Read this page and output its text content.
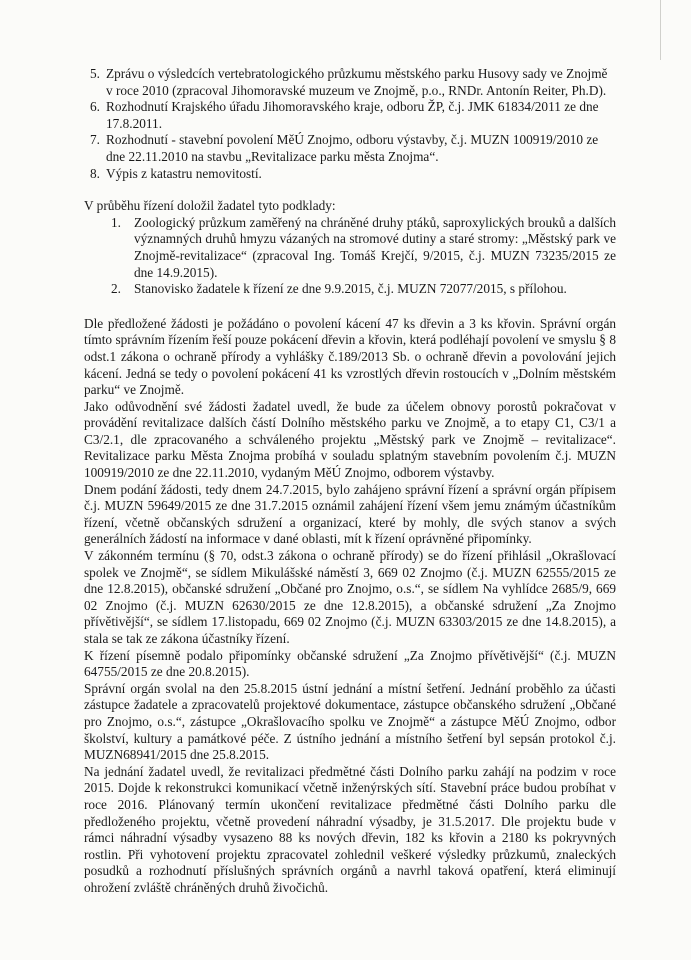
5. Zprávu o výsledcích vertebratologického průzkumu městského parku Husovy sady ve Znojmě v roce 2010 (zpracoval Jihomoravské muzeum ve Znojmě, p.o., RNDr. Antonín Reiter, Ph.D).
6. Rozhodnutí Krajského úřadu Jihomoravského kraje, odboru ŽP, č.j. JMK 61834/2011 ze dne 17.8.2011.
7. Rozhodnutí - stavební povolení MěÚ Znojmo, odboru výstavby, č.j. MUZN 100919/2010 ze dne 22.11.2010 na stavbu „Revitalizace parku města Znojma“.
8. Výpis z katastru nemovitostí.

V průběhu řízení doložil žadatel tyto podklady:

1. Zoologický průzkum zaměřený na chráněné druhy ptáků, saproxylických brouků a dalších významných druhů hmyzu vázaných na stromové dutiny a staré stromy: „Městský park ve Znojmě-revitalizace“ (zpracoval Ing. Tomáš Krejčí, 9/2015, č.j. MUZN 73235/2015 ze dne 14.9.2015).
2. Stanovisko žadatele k řízení ze dne 9.9.2015, č.j. MUZN 72077/2015, s přílohou.

Dle předložené žádosti je požádáno o povolení kácení 47 ks dřevin a 3 ks křovin. Správní orgán tímto správním řízením řeší pouze pokácení dřevin a křovin, která podléhají povolení ve smyslu § 8 odst.1 zákona o ochraně přírody a vyhlášky č.189/2013 Sb. o ochraně dřevin a povolování jejich kácení. Jedná se tedy o povolení pokácení 41 ks vzrostlých dřevin rostoucích v „Dolním městském parku“ ve Znojmě.

Jako odůvodnění své žádosti žadatel uvedl, že bude za účelem obnovy porostů pokračovat v provádění revitalizace dalších částí Dolního městského parku ve Znojmě, a to etapy C1, C3/1 a C3/2.1, dle zpracovaného a schváleného projektu „Městský park ve Znojmě – revitalizace“. Revitalizace parku Města Znojma probíhá v souladu splatným stavebním povolením č.j. MUZN 100919/2010 ze dne 22.11.2010, vydaným MěÚ Znojmo, odborem výstavby.

Dnem podání žádosti, tedy dnem 24.7.2015, bylo zahájeno správní řízení a správní orgán přípisem č.j. MUZN 59649/2015 ze dne 31.7.2015 oznámil zahájení řízení všem jemu známým účastníkům řízení, včetně občanských sdružení a organizací, které by mohly, dle svých stanov a svých generálních žádostí na informace v dané oblasti, mít k řízení oprávněné připomínky.

V zákonném termínu (§ 70, odst.3 zákona o ochraně přírody) se do řízení přihlásil „Okrašlovací spolek ve Znojmě“, se sídlem Mikulášské náměstí 3, 669 02 Znojmo (č.j. MUZN 62555/2015 ze dne 12.8.2015), občanské sdružení „Občané pro Znojmo, o.s.“, se sídlem Na vyhlídce 2685/9, 669 02 Znojmo (č.j. MUZN 62630/2015 ze dne 12.8.2015), a občanské sdružení „Za Znojmo přívětivější“, se sídlem 17.listopadu, 669 02 Znojmo (č.j. MUZN 63303/2015 ze dne 14.8.2015), a stala se tak ze zákona účastníky řízení.

K řízení písemně podalo připomínky občanské sdružení „Za Znojmo přívětivější“ (č.j. MUZN 64755/2015 ze dne 20.8.2015).

Správní orgán svolal na den 25.8.2015 ústní jednání a místní šetření. Jednání proběhlo za účasti zástupce žadatele a zpracovatelů projektové dokumentace, zástupce občanského sdružení „Občané pro Znojmo, o.s.“, zástupce „Okrašlovacího spolku ve Znojmě“ a zástupce MěÚ Znojmo, odbor školství, kultury a památkové péče. Z ústního jednání a místního šetření byl sepsán protokol č.j. MUZN68941/2015 dne 25.8.2015.

Na jednání žadatel uvedl, že revitalizaci předmětné části Dolního parku zahájí na podzim v roce 2015. Dojde k rekonstrukci komunikací včetně inženýrských sítí. Stavební práce budou probíhat v roce 2016. Plánovaný termín ukončení revitalizace předmětné části Dolního parku dle předloženého projektu, včetně provedení náhradní výsadby, je 31.5.2017. Dle projektu bude v rámci náhradní výsadby vysazeno 88 ks nových dřevin, 182 ks křovin a 2180 ks pokryvných rostlin. Při vyhotovení projektu zpracovatel zohlednil veškeré výsledky průzkumů, znaleckých posudků a rozhodnutí příslušných správních orgánů a navrhl taková opatření, která eliminují ohrožení zvláště chráněných druhů živočichů.
